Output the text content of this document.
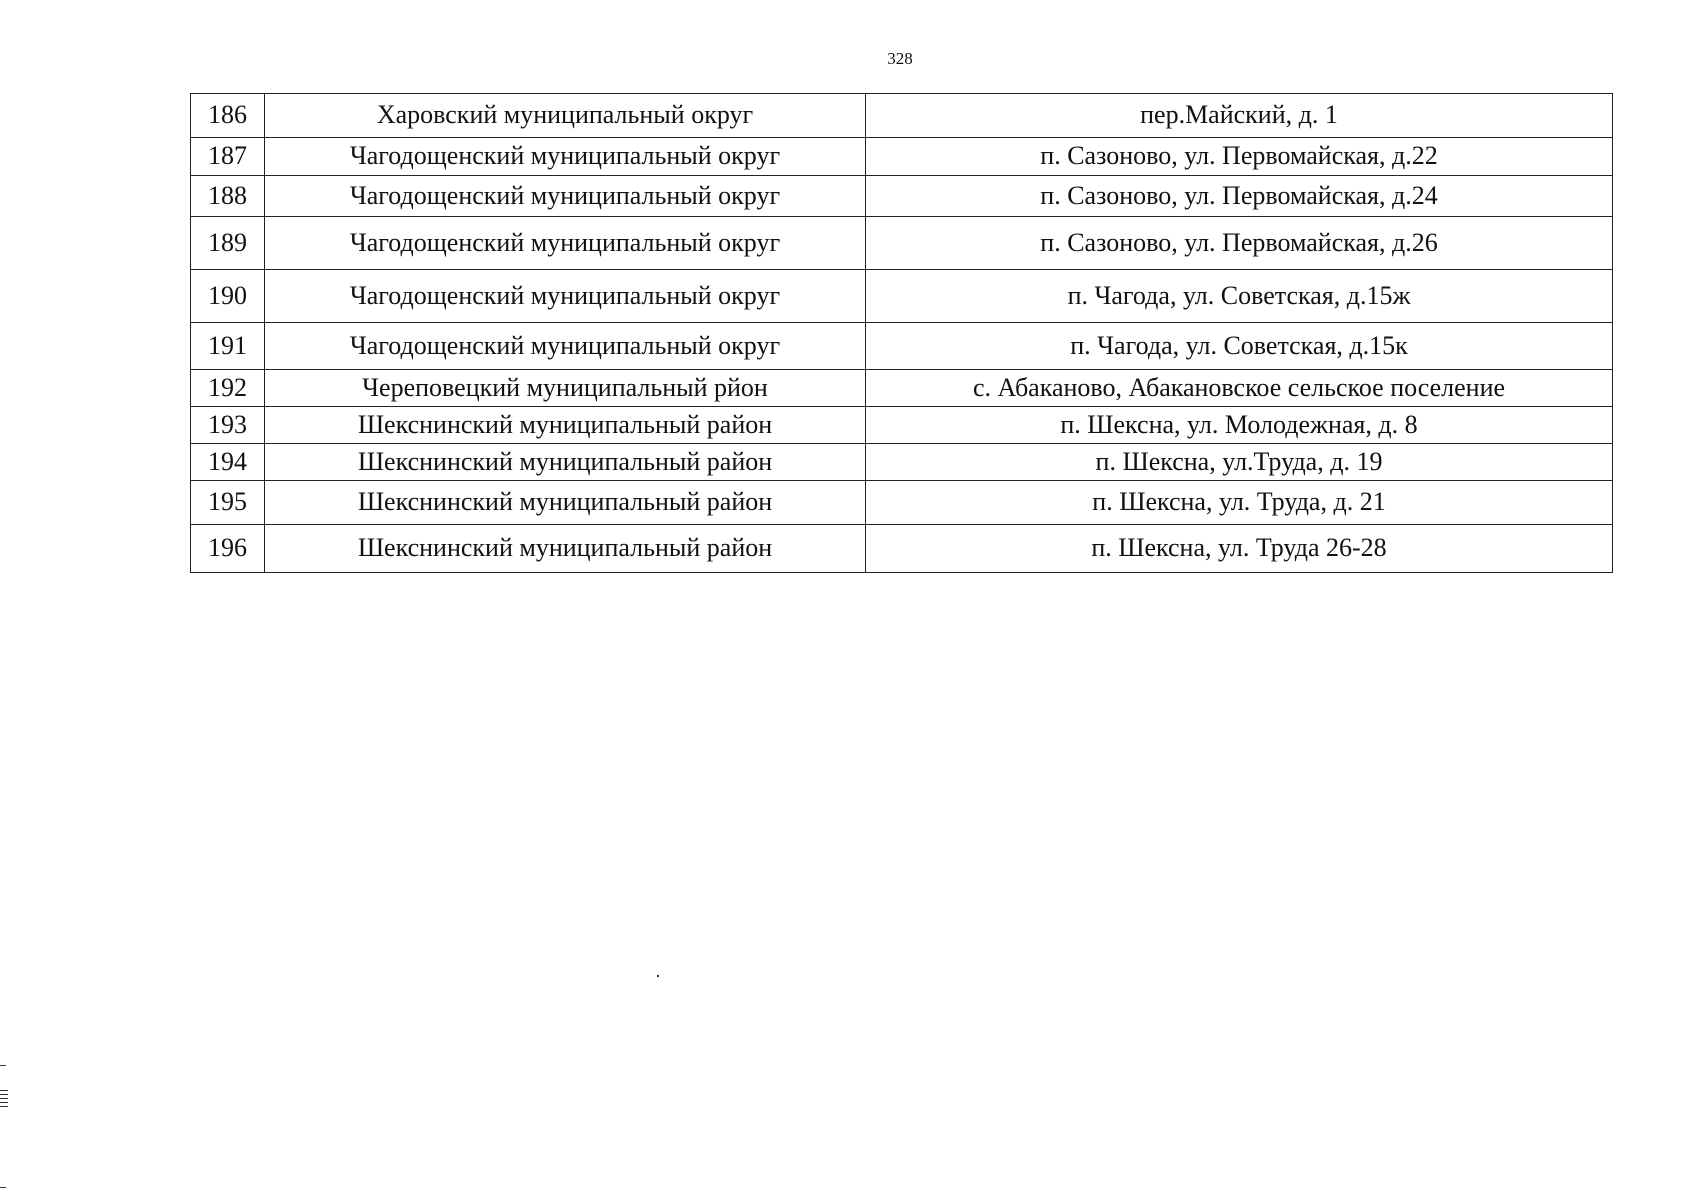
328
186	Харовский муниципальный округ	пер.Майский, д. 1
187	Чагодощенский муниципальный округ	п. Сазоново, ул. Первомайская, д.22
188	Чагодощенский муниципальный округ	п. Сазоново, ул. Первомайская, д.24
189	Чагодощенский муниципальный округ	п. Сазоново, ул. Первомайская, д.26
190	Чагодощенский муниципальный округ	п. Чагода, ул. Советская, д.15ж
191	Чагодощенский муниципальный округ	п. Чагода, ул. Советская, д.15к
192	Череповецкий муниципальный рйон	с. Абаканово, Абакановское сельское поселение
193	Шекснинский муниципальный район	п. Шексна, ул. Молодежная, д. 8
194	Шекснинский муниципальный район	п. Шексна, ул.Труда, д. 19
195	Шекснинский муниципальный район	п. Шексна, ул. Труда, д. 21
196	Шекснинский муниципальный район	п. Шексна, ул. Труда 26-28
